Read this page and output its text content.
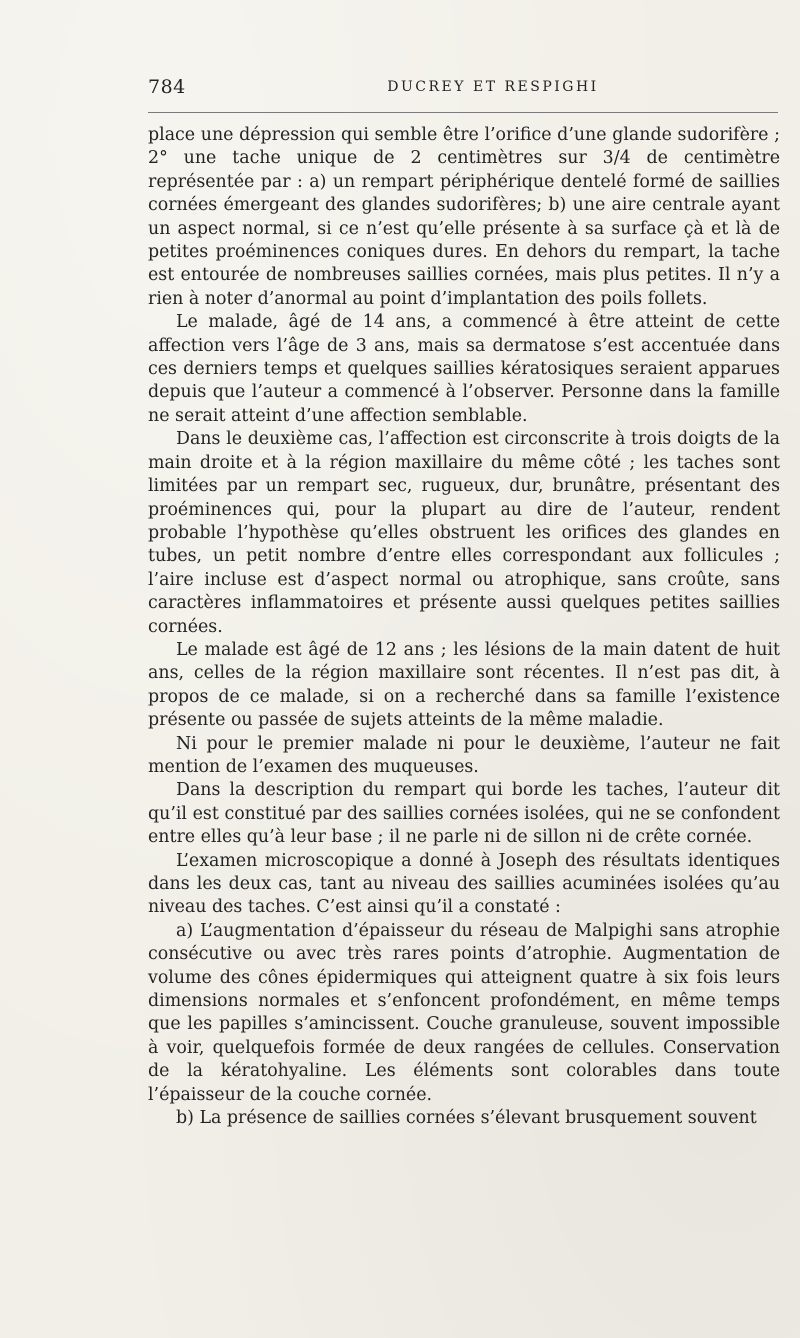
784	DUCREY ET RESPIGHI

place une dépression qui semble être l’orifice d’une glande sudorifère ; 2° une tache unique de 2 centimètres sur 3/4 de centimètre représentée par : a) un rempart périphérique dentelé formé de saillies cornées émergeant des glandes sudorifères; b) une aire centrale ayant un aspect normal, si ce n’est qu’elle présente à sa surface çà et là de petites proéminences coniques dures. En dehors du rempart, la tache est entourée de nombreuses saillies cornées, mais plus petites. Il n’y a rien à noter d’anormal au point d’implantation des poils follets.

Le malade, âgé de 14 ans, a commencé à être atteint de cette affection vers l’âge de 3 ans, mais sa dermatose s’est accentuée dans ces derniers temps et quelques saillies kératosiques seraient apparues depuis que l’auteur a commencé à l’observer. Personne dans la famille ne serait atteint d’une affection semblable.

Dans le deuxième cas, l’affection est circonscrite à trois doigts de la main droite et à la région maxillaire du même côté ; les taches sont limitées par un rempart sec, rugueux, dur, brunâtre, présentant des proéminences qui, pour la plupart au dire de l’auteur, rendent probable l’hypothèse qu’elles obstruent les orifices des glandes en tubes, un petit nombre d’entre elles correspondant aux follicules ; l’aire incluse est d’aspect normal ou atrophique, sans croûte, sans caractères inflammatoires et présente aussi quelques petites saillies cornées.

Le malade est âgé de 12 ans ; les lésions de la main datent de huit ans, celles de la région maxillaire sont récentes. Il n’est pas dit, à propos de ce malade, si on a recherché dans sa famille l’existence présente ou passée de sujets atteints de la même maladie.

Ni pour le premier malade ni pour le deuxième, l’auteur ne fait mention de l’examen des muqueuses.

Dans la description du rempart qui borde les taches, l’auteur dit qu’il est constitué par des saillies cornées isolées, qui ne se confondent entre elles qu’à leur base ; il ne parle ni de sillon ni de crête cornée.

L’examen microscopique a donné à Joseph des résultats identiques dans les deux cas, tant au niveau des saillies acuminées isolées qu’au niveau des taches. C’est ainsi qu’il a constaté :

a) L’augmentation d’épaisseur du réseau de Malpighi sans atrophie consécutive ou avec très rares points d’atrophie. Augmentation de volume des cônes épidermiques qui atteignent quatre à six fois leurs dimensions normales et s’enfoncent profondément, en même temps que les papilles s’amincissent. Couche granuleuse, souvent impossible à voir, quelquefois formée de deux rangées de cellules. Conservation de la kératohyaline. Les éléments sont colorables dans toute l’épaisseur de la couche cornée.

b) La présence de saillies cornées s’élevant brusquement souvent
